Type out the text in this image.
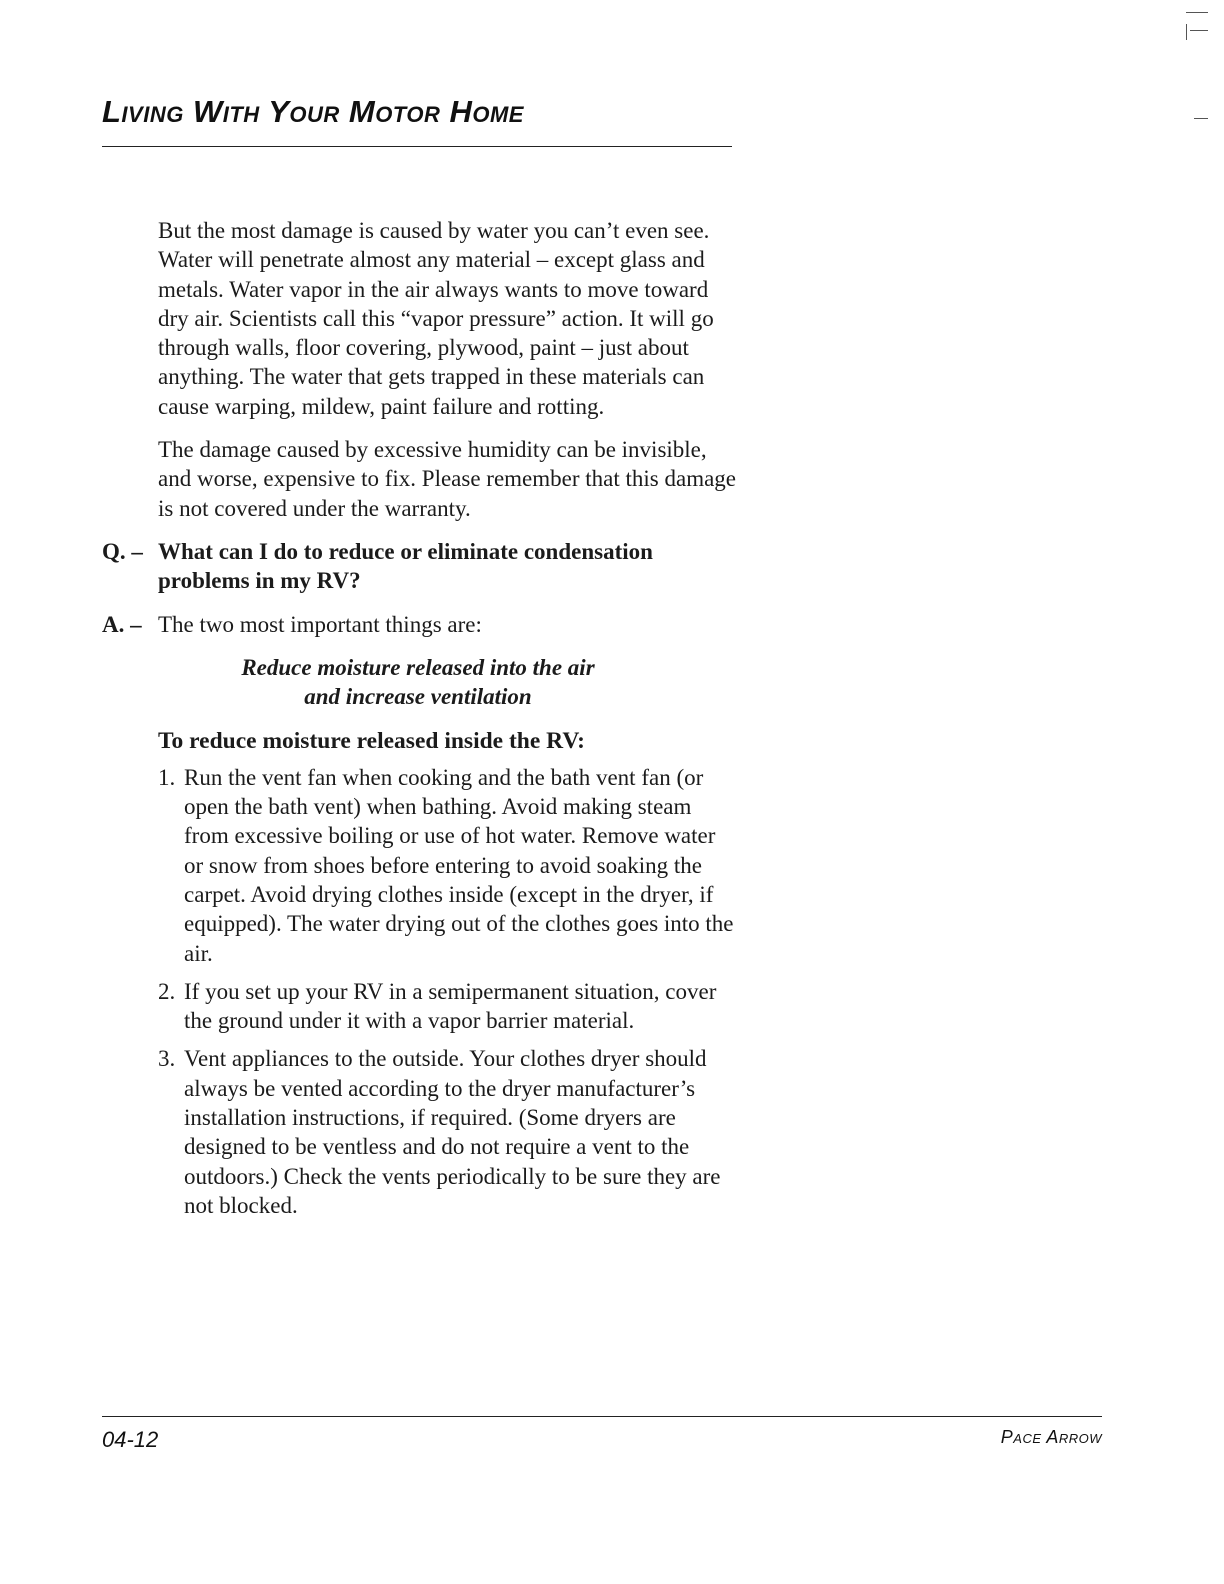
Living With Your Motor Home

But the most damage is caused by water you can’t even see. Water will penetrate almost any material – except glass and metals. Water vapor in the air always wants to move toward dry air. Scientists call this “vapor pressure” action. It will go through walls, floor covering, plywood, paint – just about anything. The water that gets trapped in these materials can cause warping, mildew, paint failure and rotting.

The damage caused by excessive humidity can be invisible, and worse, expensive to fix. Please remember that this damage is not covered under the warranty.

Q. – What can I do to reduce or eliminate condensation problems in my RV?
A. – The two most important things are:
Reduce moisture released into the air
and increase ventilation
To reduce moisture released inside the RV:
1. Run the vent fan when cooking and the bath vent fan (or open the bath vent) when bathing. Avoid making steam from excessive boiling or use of hot water. Remove water or snow from shoes before entering to avoid soaking the carpet. Avoid drying clothes inside (except in the dryer, if equipped). The water drying out of the clothes goes into the air.
2. If you set up your RV in a semipermanent situation, cover the ground under it with a vapor barrier material.
3. Vent appliances to the outside. Your clothes dryer should always be vented according to the dryer manufacturer’s installation instructions, if required. (Some dryers are designed to be ventless and do not require a vent to the outdoors.) Check the vents periodically to be sure they are not blocked.
04-12	Pace Arrow
